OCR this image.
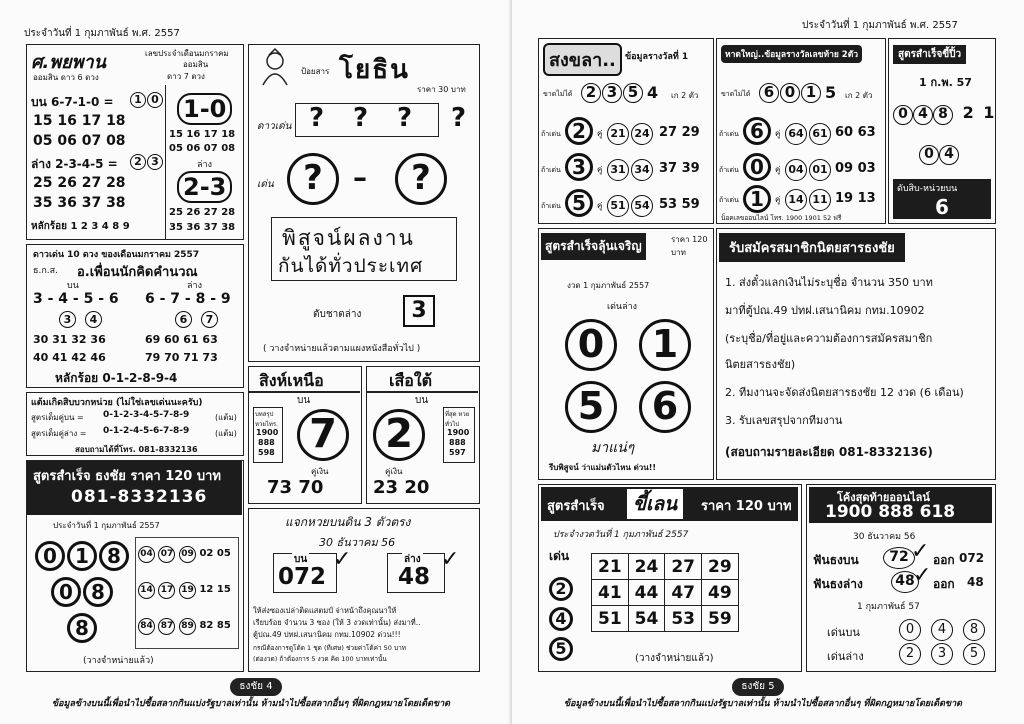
ประจำวันที่ 1 กุมภาพันธ์ พ.ศ. 2557
ศ.พยพาน
ออมสิน ดาว 6 ดวง
เลขประจำเดือนมกราคม
ออมสิน
ดาว 7 ดวง
บน 6-7-1-0 =	1 0
15 16 17 18
05 06 07 08
ล่าง 2-3-4-5 =	2 3
25 26 27 28
35 36 37 38
หลักร้อย 1 2 3 4 8 9
1-0
15 16 17 18
05 06 07 08
ล่าง
2-3
25 26 27 28
35 36 37 38
ดาวเด่น 10 ดวง ของเดือนมกราคม 2557
ธ.ก.ส. อ.เพื่อนนักคิดคำนวณ
บน	ล่าง
3 - 4 - 5 - 6 6 - 7 - 8 - 9
3	4	6	7
30 31 32 36	69 60 61 63
40 41 42 46	79 70 71 73
หลักร้อย 0-1-2-8-9-4
แต้มเกิดสิบบวกหน่วย (ไม่ใช่เลขเด่นนะครับ)
สูตรเด็มคู่บน = 0-1-2-3-4-5-7-8-9	(แต้ม)
สูตรเด็มคู่ล่าง = 0-1-2-4-5-6-7-8-9	(แต้ม)
สอบถามได้ที่โทร. 081-8332136
สูตรสำเร็จ ธงชัย ราคา 120 บาท
081-8332136
ประจำวันที่ 1 กุมภาพันธ์ 2557
0 1 8
0 8
8
04 07 09 02 05
14 17 19 12 15
84 87 89 82 85
(วางจำหน่ายแล้ว)
ป้อยสาร โยธิน
ราคา 30 บาท
ดาวเด่น ? ? ? ?
เด่น ?	–	?
พิสูจน์ผลงาน
กันได้ทั่วประเทศ
ตับชาตล่าง	3
( วางจำหน่ายแล้วตามแผงหนังสือทั่วไป )
สิงห์เหนือ
บน
บทสรุป หวยไทร.
1900
888
598 7
คู่เงิน
73 70
เสือใต้
บน
2	ที่สุด หวยทั่วไป
1900
888
597
คู่เงิน
23 20
แจกหวยบนดิน 3 ตัวตรง
30 ธันวาคม 56
บน
072
✓	ล่าง
48
✓
ให้ส่งซองเปล่าติดแสตมป์ จ่าหน้าถึงคุณนาให้
เรียบร้อย จำนวน 3 ซอง (ให้ 3 งวดเท่านั้น) ส่งมาที่..
ตู้ปณ.49 ปทฝ.เสนานิคม กทม.10902 ด่วน!!!
กรณีต้องการดูโต้ด 1 ชุด (ทีเศษ) ช่วยค่าโต้ค่า 50 บาท
(ต่องวด) ถ้าต้องการ 5 งวด คิด 100 บาทเท่านั้น
ธงชัย 4
ข้อมูลข้างบนนี้เพื่อนำไปซื้อสลากกินแบ่งรัฐบาลเท่านั้น ห้ามนำไปซื้อสลากอื่นๆ ที่ผิดกฎหมายโดยเด็ดขาด
ประจำวันที่ 1 กุมภาพันธ์ พ.ศ. 2557
สงขลา..	ข้อมูลรางวัลที่ 1
ขาดไม่ได้ 2 3 5 4 เก 2 ตัว
ถ้าเด่น 2	คู่ 21 24 27 29
ถ้าเด่น 3	คู่ 31 34 37 39
ถ้าเด่น 5	คู่ 51 54 53 59
หาดใหญ่..ข้อมูลรางวัลเลขท้าย 2ตัว
ขาดไม่ได้ 6 0 1 5 เก 2 ตัว
ถ้าเด่น 6	คู่ 64 61 60 63
ถ้าเด่น 0	คู่ 04 01 09 03
ถ้าเด่น 1	คู่ 14 11 19 13
น็อคเลขออนไลน์ โทร. 1900 1901 52 ฟรี
สูตรสำเร็จขี้ปิ้ว
1 ก.พ. 57
0 4 8 2 1
0 4
ดับสิบ-หน่วยบน
6
สูตรสำเร็จลุ้นเจริญ	ราคา 120 บาท
งวด 1 กุมภาพันธ์ 2557
เด่นล่าง
0	1
5	6
มาแน่ๆ
รีบพิสูจน์ ว่าแม่นตัวไหน ด่วน!!
รับสมัครสมาชิกนิตยสารธงชัย
1. ส่งตั๋วแลกเงินไม่ระบุชื่อ จำนวน 350 บาท
มาที่ตู้ปณ.49 ปทฝ.เสนานิคม กทม.10902
(ระบุชื่อ/ที่อยู่และความต้องการสมัครสมาชิก
นิตยสารธงชัย)
2. ทีมงานจะจัดส่งนิตยสารธงชัย 12 งวด (6 เดือน)
3. รับเลขสรุปจากทีมงาน
(สอบถามรายละเอียด 081-8332136)
สูตรสำเร็จ	ขี้เลน	ราคา 120 บาท
ประจำงวดวันที่ 1 กุมภาพันธ์ 2557
เด่น
2
4
5
21	24	27	29
41	44	47	49
51	54	53	59
(วางจำหน่ายแล้ว)
โค้งสุดท้ายออนไลน์
1900 888 618
30 ธันวาคม 56
ฟันธงบน	72 ✓ ออก 072
ฟันธงล่าง	48
✓ ออก 48
1 กุมภาพันธ์ 57
เด่นบน	0	4	8
เด่นล่าง	2	3	5
ธงชัย 5
ข้อมูลข้างบนนี้เพื่อนำไปซื้อสลากกินแบ่งรัฐบาลเท่านั้น ห้ามนำไปซื้อสลากอื่นๆ ที่ผิดกฎหมายโดยเด็ดขาด
